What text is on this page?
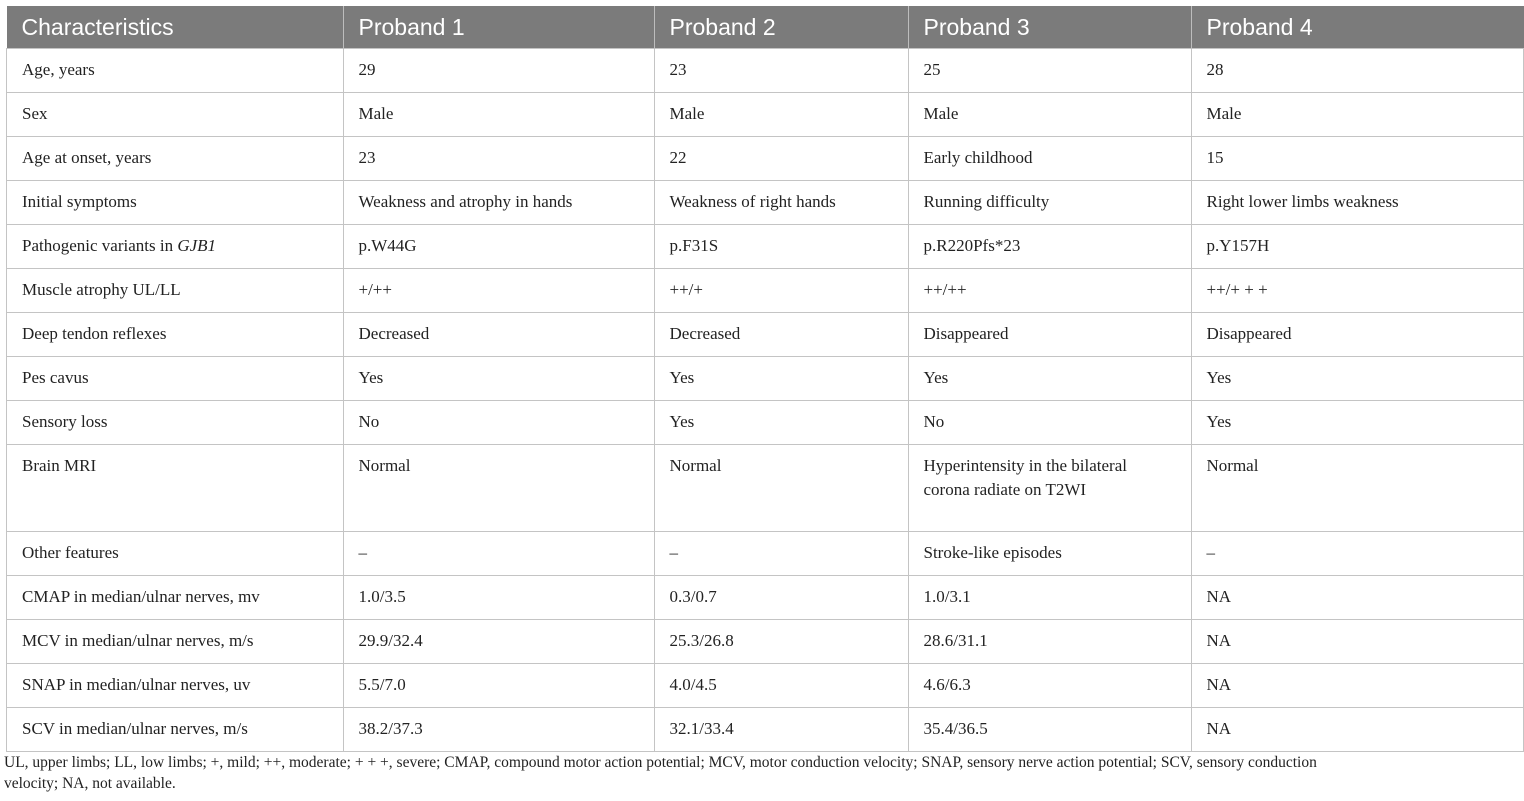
Characteristics	Proband 1	Proband 2	Proband 3	Proband 4
Age, years	29	23	25	28
Sex	Male	Male	Male	Male
Age at onset, years	23	22	Early childhood	15
Initial symptoms	Weakness and atrophy in hands	Weakness of right hands	Running difficulty	Right lower limbs weakness
Pathogenic variants in GJB1	p.W44G	p.F31S	p.R220Pfs*23	p.Y157H
Muscle atrophy UL/LL	+/++	++/+	++/++	++/+ + +
Deep tendon reflexes	Decreased	Decreased	Disappeared	Disappeared
Pes cavus	Yes	Yes	Yes	Yes
Sensory loss	No	Yes	No	Yes
Brain MRI	Normal	Normal	Hyperintensity in the bilateral corona radiate on T2WI	Normal
Other features	–	–	Stroke-like episodes	–
CMAP in median/ulnar nerves, mv	1.0/3.5	0.3/0.7	1.0/3.1	NA
MCV in median/ulnar nerves, m/s	29.9/32.4	25.3/26.8	28.6/31.1	NA
SNAP in median/ulnar nerves, uv	5.5/7.0	4.0/4.5	4.6/6.3	NA
SCV in median/ulnar nerves, m/s	38.2/37.3	32.1/33.4	35.4/36.5	NA

UL, upper limbs; LL, low limbs; +, mild; ++, moderate; + + +, severe; CMAP, compound motor action potential; MCV, motor conduction velocity; SNAP, sensory nerve action potential; SCV, sensory conduction velocity; NA, not available.
